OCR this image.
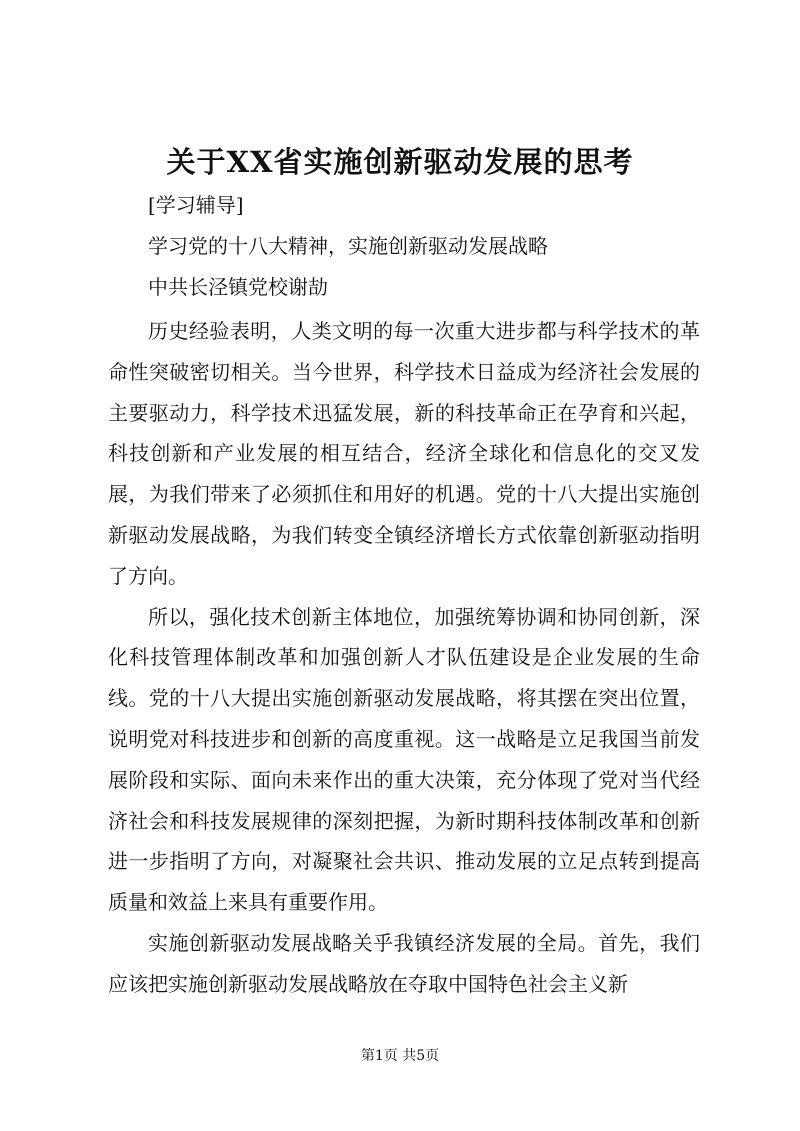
关于XX省实施创新驱动发展的思考
[学习辅导]
学习党的十八大精神，实施创新驱动发展战略
中共长泾镇党校谢劼

历史经验表明，人类文明的每一次重大进步都与科学技术的革命性突破密切相关。当今世界，科学技术日益成为经济社会发展的主要驱动力，科学技术迅猛发展，新的科技革命正在孕育和兴起，科技创新和产业发展的相互结合，经济全球化和信息化的交叉发展，为我们带来了必须抓住和用好的机遇。党的十八大提出实施创新驱动发展战略，为我们转变全镇经济增长方式依靠创新驱动指明了方向。

所以，强化技术创新主体地位，加强统筹协调和协同创新，深化科技管理体制改革和加强创新人才队伍建设是企业发展的生命线。党的十八大提出实施创新驱动发展战略，将其摆在突出位置，说明党对科技进步和创新的高度重视。这一战略是立足我国当前发展阶段和实际、面向未来作出的重大决策，充分体现了党对当代经济社会和科技发展规律的深刻把握，为新时期科技体制改革和创新进一步指明了方向，对凝聚社会共识、推动发展的立足点转到提高质量和效益上来具有重要作用。

实施创新驱动发展战略关乎我镇经济发展的全局。首先，我们应该把实施创新驱动发展战略放在夺取中国特色社会主义新

第1页 共5页
